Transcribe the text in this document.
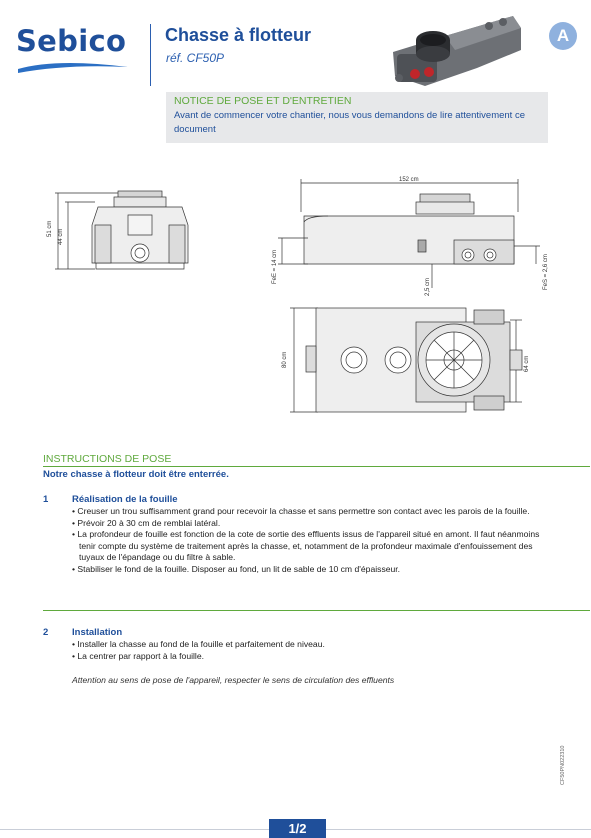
Sebico Chasse à flotteur
réf. CF50P
A
NOTICE DE POSE ET D'ENTRETIEN
Avant de commencer votre chantier, nous vous demandons de lire attentivement ce document
51 cm 44 cm
152 cm
FeE = 14 cm
2,5 cm	FeS = 2,6 cm
80 cm	64 cm
INSTRUCTIONS DE POSE
Notre chasse à flotteur doit être enterrée.
1 Réalisation de la fouille
• Creuser un trou suffisamment grand pour recevoir la chasse et sans permettre son contact avec les parois de la fouille.
• Prévoir 20 à 30 cm de remblai latéral.
• La profondeur de fouille est fonction de la cote de sortie des effluents issus de l'appareil situé en amont. Il faut néanmoins tenir compte du système de traitement après la chasse, et, notamment de la profondeur maximale d'enfouissement des tuyaux de l'épandage ou du filtre à sable.
• Stabiliser le fond de la fouille. Disposer au fond, un lit de sable de 10 cm d'épaisseur.
2 Installation
• Installer la chasse au fond de la fouille et parfaitement de niveau.
• La centrer par rapport à la fouille.
Attention au sens de pose de l'appareil, respecter le sens de circulation des effluents
1/2
CF50PN022310
